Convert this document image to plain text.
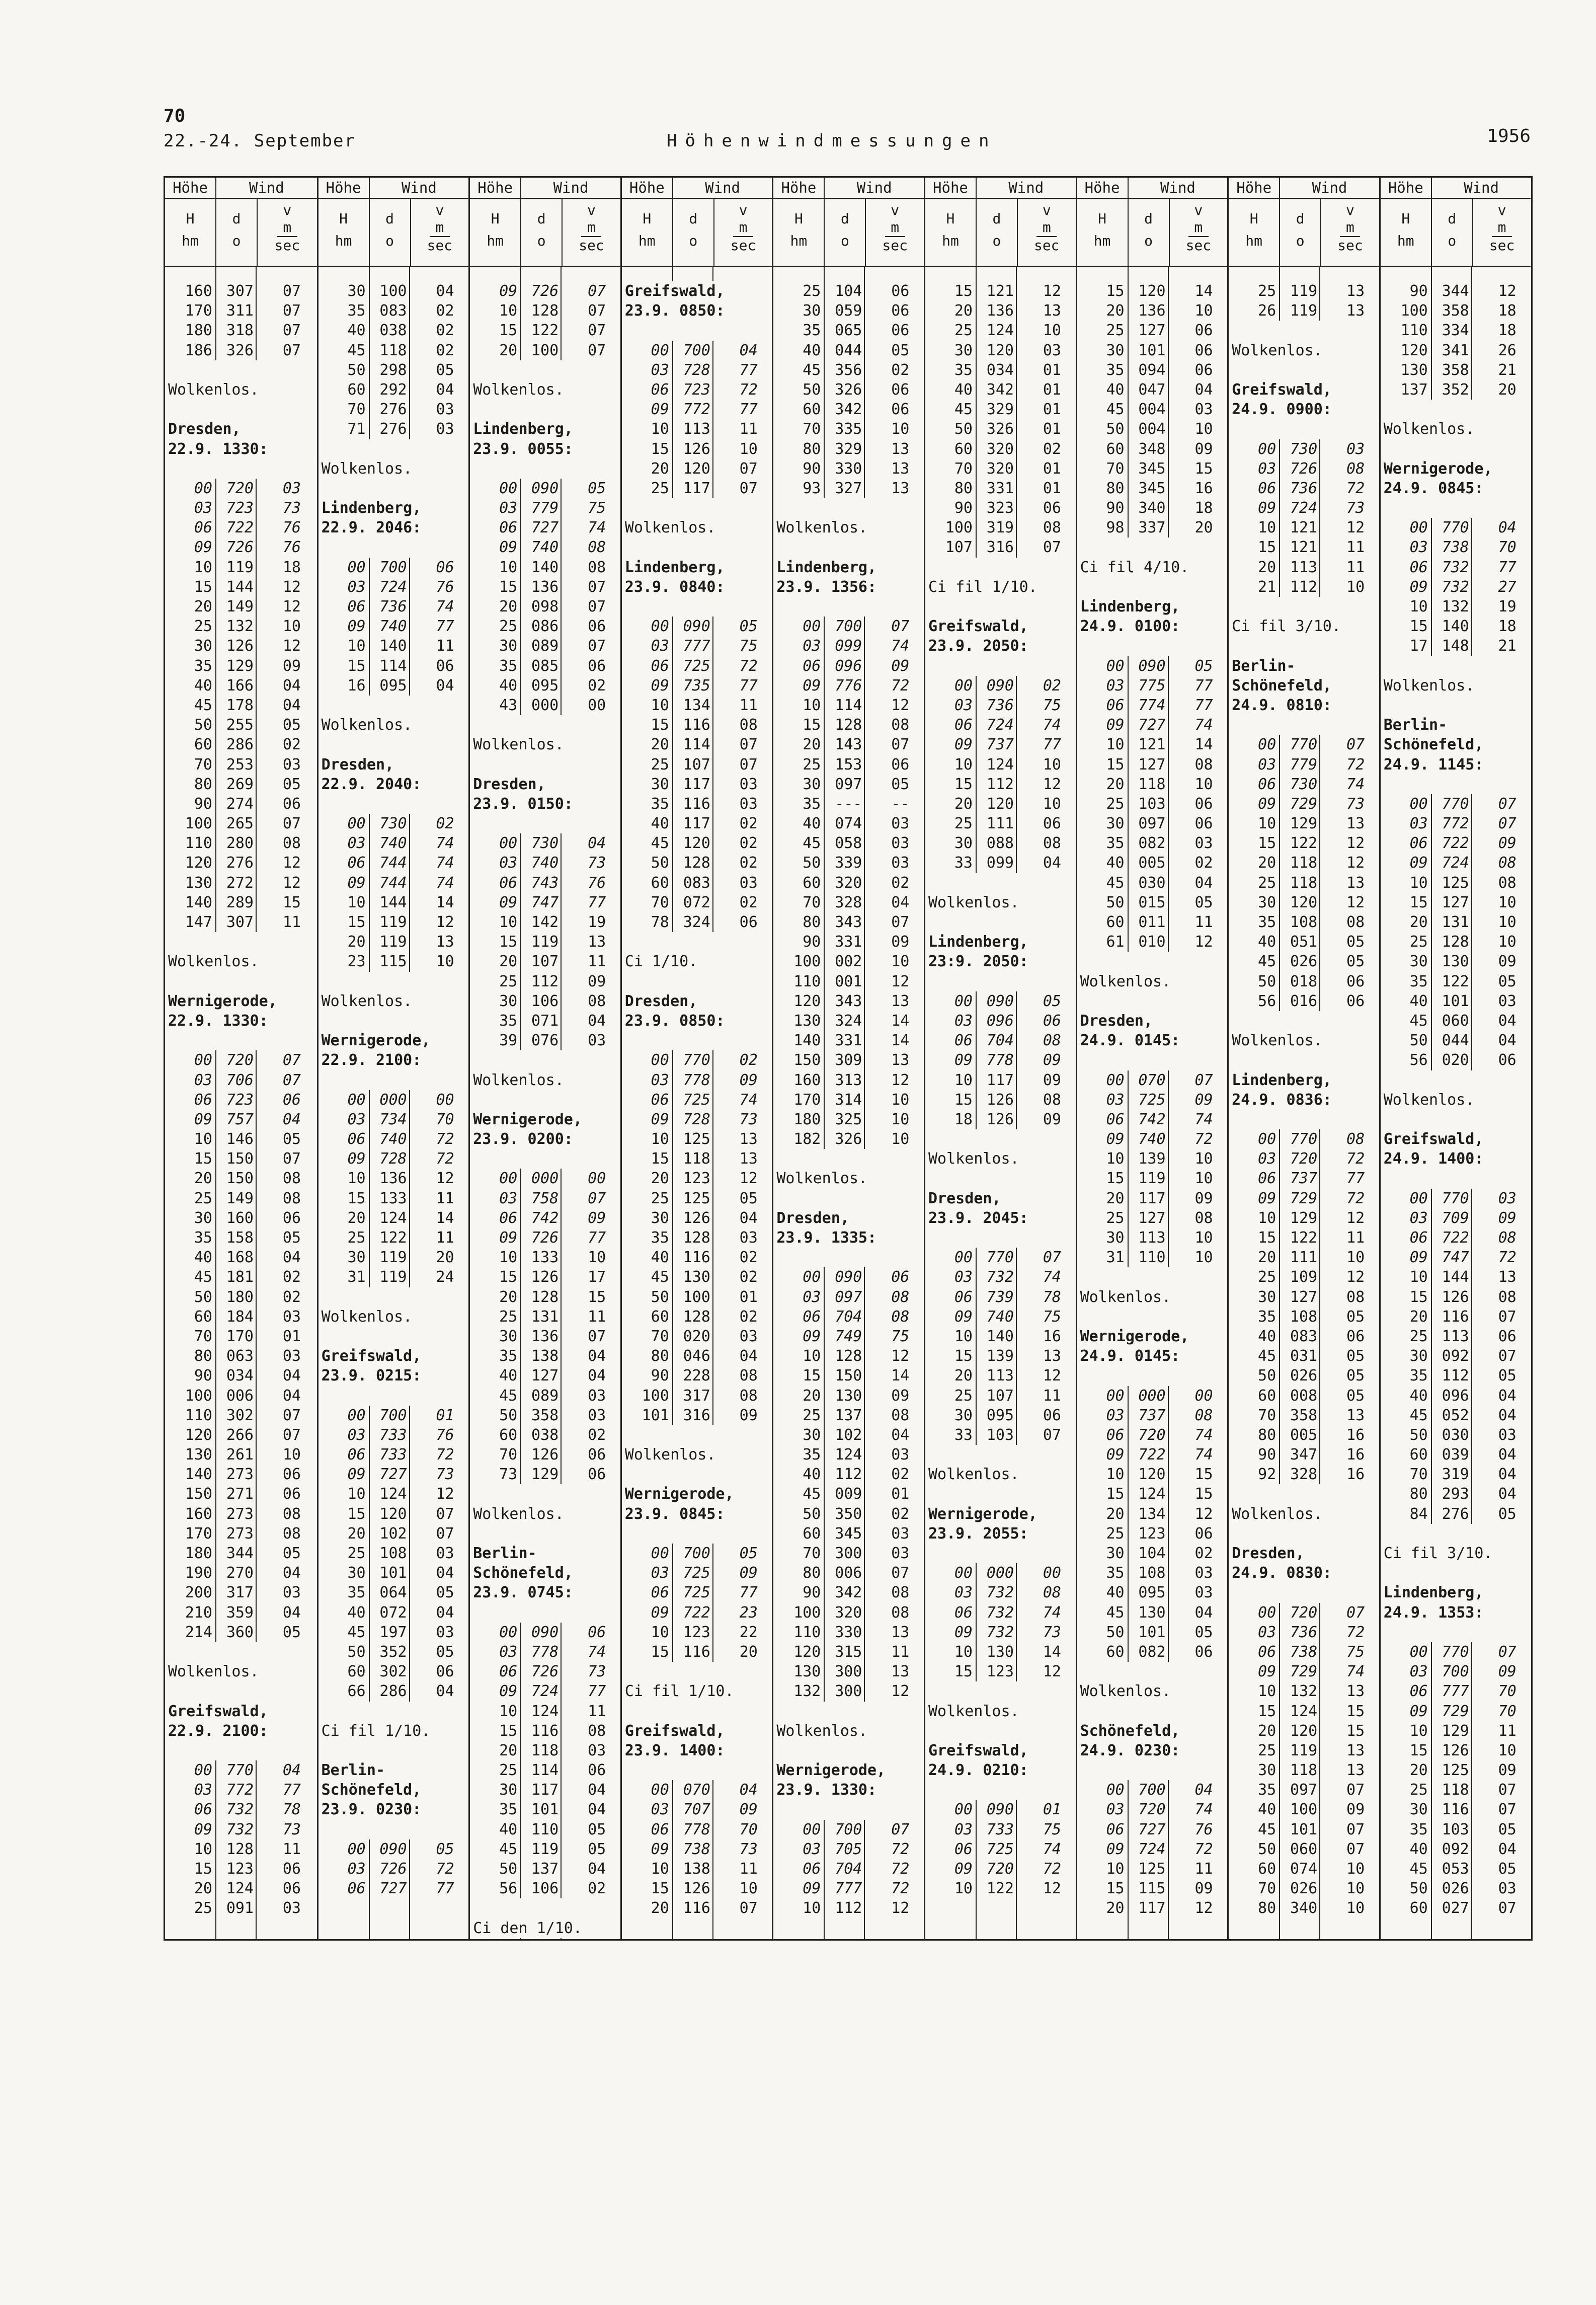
70
22.-24. September	Höhenwindmessungen	1956
Höhe	Wind
H
hm
d
o
v
m
sec
160 307	07
170 311	07
180 318	07
186 326	07
Wolkenlos.
Dresden,
22.9. 1330:
00 720	03
03 723	73
06 722	76
09 726	76
10 119	18
15 144	12
20 149	12
25 132	10
30 126	12
35 129	09
40 166	04
45 178	04
50 255	05
60 286	02
70 253	03
80 269	05
90 274	06
100 265	07
110 280	08
120 276	12
130 272	12
140 289	15
147 307	11
Wolkenlos.
Wernigerode,
22.9. 1330:
00 720	07
03 706	07
06 723	06
09 757	04
10 146	05
15 150	07
20 150	08
25 149	08
30 160	06
35 158	05
40 168	04
45 181	02
50 180	02
60 184	03
70 170	01
80 063	03
90 034	04
100 006	04
110 302	07
120 266	07
130 261	10
140 273	06
150 271	06
160 273	08
170 273	08
180 344	05
190 270	04
200 317	03
210 359	04
214 360	05
Wolkenlos.
Greifswald,
22.9. 2100:
00 770	04
03 772	77
06 732	78
09 732	73
10 128	11
15 123	06
20 124	06
25 091	03
Höhe	Wind
H
hm
d
o
v
m
sec
30 100	04
35 083	02
40 038	02
45 118	02
50 298	05
60 292	04
70 276	03
71 276	03
Wolkenlos.
Lindenberg,
22.9. 2046:
00 700	06
03 724	76
06 736	74
09 740	77
10 140	11
15 114	06
16 095	04
Wolkenlos.
Dresden,
22.9. 2040:
00 730	02
03 740	74
06 744	74
09 744	74
10 144	14
15 119	12
20 119	13
23 115	10
Wolkenlos.
Wernigerode,
22.9. 2100:
00 000	00
03 734	70
06 740	72
09 728	72
10 136	12
15 133	11
20 124	14
25 122	11
30 119	20
31 119	24
Wolkenlos.
Greifswald,
23.9. 0215:
00 700	01
03 733	76
06 733	72
09 727	73
10 124	12
15 120	07
20 102	07
25 108	03
30 101	04
35 064	05
40 072	04
45 197	03
50 352	05
60 302	06
66 286	04
Ci fil 1/10.
Berlin-
Schönefeld,
23.9. 0230:
00 090	05
03 726	72
06 727	77
Höhe	Wind
H
hm
d
o
v
m
sec
09 726	07
10 128	07
15 122	07
20 100	07
Wolkenlos.
Lindenberg,
23.9. 0055:
00 090	05
03 779	75
06 727	74
09 740	08
10 140	08
15 136	07
20 098	07
25 086	06
30 089	07
35 085	06
40 095	02
43 000	00
Wolkenlos.
Dresden,
23.9. 0150:
00 730	04
03 740	73
06 743	76
09 747	77
10 142	19
15 119	13
20 107	11
25 112	09
30 106	08
35 071	04
39 076	03
Wolkenlos.
Wernigerode,
23.9. 0200:
00 000	00
03 758	07
06 742	09
09 726	77
10 133	10
15 126	17
20 128	15
25 131	11
30 136	07
35 138	04
40 127	04
45 089	03
50 358	03
60 038	02
70 126	06
73 129	06
Wolkenlos.
Berlin-
Schönefeld,
23.9. 0745:
00 090	06
03 778	74
06 726	73
09 724	77
10 124	11
15 116	08
20 118	03
25 114	06
30 117	04
35 101	04
40 110	05
45 119	05
50 137	04
56 106	02
Ci den 1/10.
Höhe	Wind
H
hm
d
o
v
m
sec
Greifswald,
23.9. 0850:
00 700	04
03 728	77
06 723	72
09 772	77
10 113	11
15 126	10
20 120	07
25 117	07
Wolkenlos.
Lindenberg,
23.9. 0840:
00 090	05
03 777	75
06 725	72
09 735	77
10 134	11
15 116	08
20 114	07
25 107	07
30 117	03
35 116	03
40 117	02
45 120	02
50 128	02
60 083	03
70 072	02
78 324	06
Ci 1/10.
Dresden,
23.9. 0850:
00 770	02
03 778	09
06 725	74
09 728	73
10 125	13
15 118	13
20 123	12
25 125	05
30 126	04
35 128	03
40 116	02
45 130	02
50 100	01
60 128	02
70 020	03
80 046	04
90 228	08
100 317	08
101 316	09
Wolkenlos.
Wernigerode,
23.9. 0845:
00 700	05
03 725	09
06 725	77
09 722	23
10 123	22
15 116	20
Ci fil 1/10.
Greifswald,
23.9. 1400:
00 070	04
03 707	09
06 778	70
09 738	73
10 138	11
15 126	10
20 116	07
Höhe	Wind
H
hm
d
o
v
m
sec
25 104	06
30 059	06
35 065	06
40 044	05
45 356	02
50 326	06
60 342	06
70 335	10
80 329	13
90 330	13
93 327	13
Wolkenlos.
Lindenberg,
23.9. 1356:
00 700	07
03 099	74
06 096	09
09 776	72
10 114	12
15 128	08
20 143	07
25 153	06
30 097	05
35 ---	--
40 074	03
45 058	03
50 339	03
60 320	02
70 328	04
80 343	07
90 331	09
100 002	10
110 001	12
120 343	13
130 324	14
140 331	14
150 309	13
160 313	12
170 314	10
180 325	10
182 326	10
Wolkenlos.
Dresden,
23.9. 1335:
00 090	06
03 097	08
06 704	08
09 749	75
10 128	12
15 150	14
20 130	09
25 137	08
30 102	04
35 124	03
40 112	02
45 009	01
50 350	02
60 345	03
70 300	03
80 006	07
90 342	08
100 320	08
110 330	13
120 315	11
130 300	13
132 300	12
Wolkenlos.
Wernigerode,
23.9. 1330:
00 700	07
03 705	72
06 704	72
09 777	72
10 112	12
Höhe	Wind
H
hm
d
o
v
m
sec
15 121	12
20 136	13
25 124	10
30 120	03
35 034	01
40 342	01
45 329	01
50 326	01
60 320	02
70 320	01
80 331	01
90 323	06
100 319	08
107 316	07
Ci fil 1/10.
Greifswald,
23.9. 2050:
00 090	02
03 736	75
06 724	74
09 737	77
10 124	10
15 112	12
20 120	10
25 111	06
30 088	08
33 099	04
Wolkenlos.
Lindenberg,
23:9. 2050:
00 090	05
03 096	06
06 704	08
09 778	09
10 117	09
15 126	08
18 126	09
Wolkenlos.
Dresden,
23.9. 2045:
00 770	07
03 732	74
06 739	78
09 740	75
10 140	16
15 139	13
20 113	12
25 107	11
30 095	06
33 103	07
Wolkenlos.
Wernigerode,
23.9. 2055:
00 000	00
03 732	08
06 732	74
09 732	73
10 130	14
15 123	12
Wolkenlos.
Greifswald,
24.9. 0210:
00 090	01
03 733	75
06 725	74
09 720	72
10 122	12
Höhe	Wind
H
hm
d
o
v
m
sec
15 120	14
20 136	10
25 127	06
30 101	06
35 094	06
40 047	04
45 004	03
50 004	10
60 348	09
70 345	15
80 345	16
90 340	18
98 337	20
Ci fil 4/10.
Lindenberg,
24.9. 0100:
00 090	05
03 775	77
06 774	77
09 727	74
10 121	14
15 127	08
20 118	10
25 103	06
30 097	06
35 082	03
40 005	02
45 030	04
50 015	05
60 011	11
61 010	12
Wolkenlos.
Dresden,
24.9. 0145:
00 070	07
03 725	09
06 742	74
09 740	72
10 139	10
15 119	10
20 117	09
25 127	08
30 113	10
31 110	10
Wolkenlos.
Wernigerode,
24.9. 0145:
00 000	00
03 737	08
06 720	74
09 722	74
10 120	15
15 124	15
20 134	12
25 123	06
30 104	02
35 108	03
40 095	03
45 130	04
50 101	05
60 082	06
Wolkenlos.
Schönefeld,
24.9. 0230:
00 700	04
03 720	74
06 727	76
09 724	72
10 125	11
15 115	09
20 117	12
Höhe	Wind
H
hm
d
o
v
m
sec
25 119	13
26 119	13
Wolkenlos.
Greifswald,
24.9. 0900:
00 730	03
03 726	08
06 736	72
09 724	73
10 121	12
15 121	11
20 113	11
21 112	10
Ci fil 3/10.
Berlin-
Schönefeld,
24.9. 0810:
00 770	07
03 779	72
06 730	74
09 729	73
10 129	13
15 122	12
20 118	12
25 118	13
30 120	12
35 108	08
40 051	05
45 026	05
50 018	06
56 016	06
Wolkenlos.
Lindenberg,
24.9. 0836:
00 770	08
03 720	72
06 737	77
09 729	72
10 129	12
15 122	11
20 111	10
25 109	12
30 127	08
35 108	05
40 083	06
45 031	05
50 026	05
60 008	05
70 358	13
80 005	16
90 347	16
92 328	16
Wolkenlos.
Dresden,
24.9. 0830:
00 720	07
03 736	72
06 738	75
09 729	74
10 132	13
15 124	15
20 120	15
25 119	13
30 118	13
35 097	07
40 100	09
45 101	07
50 060	07
60 074	10
70 026	10
80 340	10
Höhe	Wind
H
hm
d
o
v
m
sec
90 344	12
100 358	18
110 334	18
120 341	26
130 358	21
137 352	20
Wolkenlos.
Wernigerode,
24.9. 0845:
00 770	04
03 738	70
06 732	77
09 732	27
10 132	19
15 140	18
17 148	21
Wolkenlos.
Berlin-
Schönefeld,
24.9. 1145:
00 770	07
03 772	07
06 722	09
09 724	08
10 125	08
15 127	10
20 131	10
25 128	10
30 130	09
35 122	05
40 101	03
45 060	04
50 044	04
56 020	06
Wolkenlos.
Greifswald,
24.9. 1400:
00 770	03
03 709	09
06 722	08
09 747	72
10 144	13
15 126	08
20 116	07
25 113	06
30 092	07
35 112	05
40 096	04
45 052	04
50 030	03
60 039	04
70 319	04
80 293	04
84 276	05
Ci fil 3/10.
Lindenberg,
24.9. 1353:
00 770	07
03 700	09
06 777	70
09 729	70
10 129	11
15 126	10
20 125	09
25 118	07
30 116	07
35 103	05
40 092	04
45 053	05
50 026	03
60 027	07
